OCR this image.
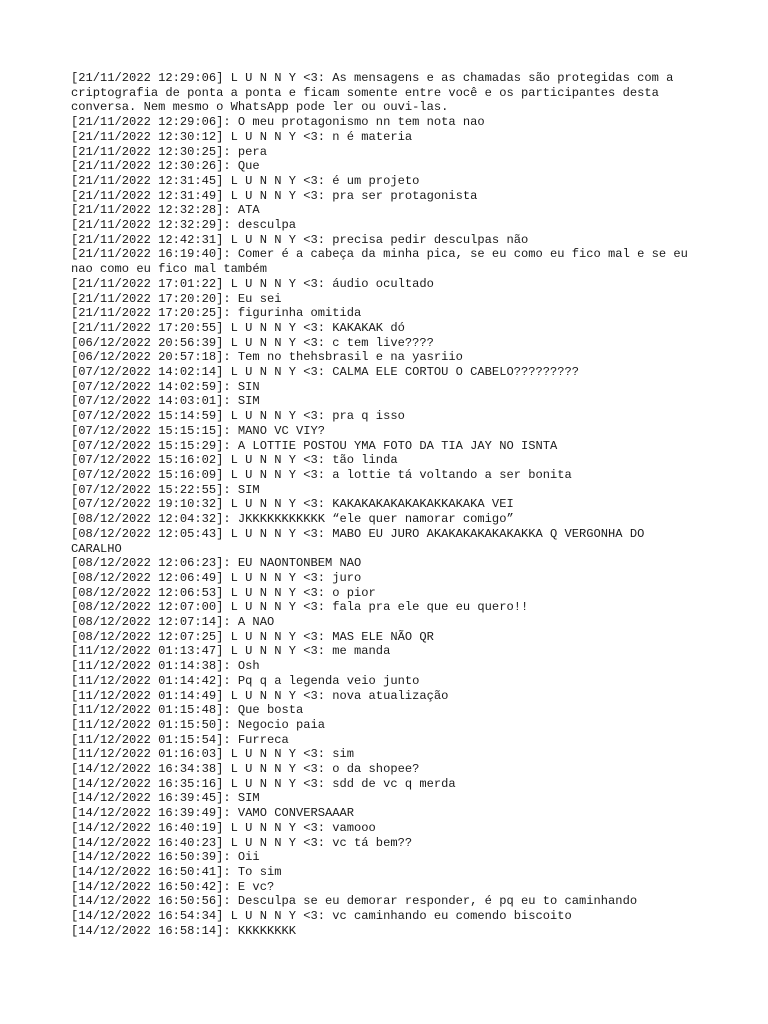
[21/11/2022 12:29:06] L U N N Y <3: As mensagens e as chamadas são protegidas com a criptografia de ponta a ponta e ficam somente entre você e os participantes desta conversa. Nem mesmo o WhatsApp pode ler ou ouvi-las.

[21/11/2022 12:29:06]: O meu protagonismo nn tem nota nao

[21/11/2022 12:30:12] L U N N Y <3: n é materia

[21/11/2022 12:30:25]: pera

[21/11/2022 12:30:26]: Que

[21/11/2022 12:31:45] L U N N Y <3: é um projeto

[21/11/2022 12:31:49] L U N N Y <3: pra ser protagonista

[21/11/2022 12:32:28]: ATA

[21/11/2022 12:32:29]: desculpa

[21/11/2022 12:42:31] L U N N Y <3: precisa pedir desculpas não

[21/11/2022 16:19:40]: Comer é a cabeça da minha pica, se eu como eu fico mal e se eu nao como eu fico mal também

[21/11/2022 17:01:22] L U N N Y <3: áudio ocultado

[21/11/2022 17:20:20]: Eu sei

[21/11/2022 17:20:25]: figurinha omitida

[21/11/2022 17:20:55] L U N N Y <3: KAKAKAK dó

[06/12/2022 20:56:39] L U N N Y <3: c tem live????

[06/12/2022 20:57:18]: Tem no thehsbrasil e na yasriio

[07/12/2022 14:02:14] L U N N Y <3: CALMA ELE CORTOU O CABELO?????????

[07/12/2022 14:02:59]: SIN

[07/12/2022 14:03:01]: SIM

[07/12/2022 15:14:59] L U N N Y <3: pra q isso

[07/12/2022 15:15:15]: MANO VC VIY?

[07/12/2022 15:15:29]: A LOTTIE POSTOU YMA FOTO DA TIA JAY NO ISNTA

[07/12/2022 15:16:02] L U N N Y <3: tão linda

[07/12/2022 15:16:09] L U N N Y <3: a lottie tá voltando a ser bonita

[07/12/2022 15:22:55]: SIM

[07/12/2022 19:10:32] L U N N Y <3: KAKAKAKAKAKAKAKKAKAKA VEI

[08/12/2022 12:04:32]: JKKKKKKKKKKK “ele quer namorar comigo”

[08/12/2022 12:05:43] L U N N Y <3: MABO EU JURO AKAKAKAKAKAKAKKA Q VERGONHA DO CARALHO

[08/12/2022 12:06:23]: EU NAONTONBEM NAO

[08/12/2022 12:06:49] L U N N Y <3: juro

[08/12/2022 12:06:53] L U N N Y <3: o pior

[08/12/2022 12:07:00] L U N N Y <3: fala pra ele que eu quero!!

[08/12/2022 12:07:14]: A NAO

[08/12/2022 12:07:25] L U N N Y <3: MAS ELE NÃO QR

[11/12/2022 01:13:47] L U N N Y <3: me manda

[11/12/2022 01:14:38]: Osh

[11/12/2022 01:14:42]: Pq q a legenda veio junto

[11/12/2022 01:14:49] L U N N Y <3: nova atualização

[11/12/2022 01:15:48]: Que bosta

[11/12/2022 01:15:50]: Negocio paia

[11/12/2022 01:15:54]: Furreca

[11/12/2022 01:16:03] L U N N Y <3: sim

[14/12/2022 16:34:38] L U N N Y <3: o da shopee?

[14/12/2022 16:35:16] L U N N Y <3: sdd de vc q merda

[14/12/2022 16:39:45]: SIM

[14/12/2022 16:39:49]: VAMO CONVERSAAAR

[14/12/2022 16:40:19] L U N N Y <3: vamooo

[14/12/2022 16:40:23] L U N N Y <3: vc tá bem??

[14/12/2022 16:50:39]: Oii

[14/12/2022 16:50:41]: To sim

[14/12/2022 16:50:42]: E vc?

[14/12/2022 16:50:56]: Desculpa se eu demorar responder, é pq eu to caminhando

[14/12/2022 16:54:34] L U N N Y <3: vc caminhando eu comendo biscoito

[14/12/2022 16:58:14]: KKKKKKKK
